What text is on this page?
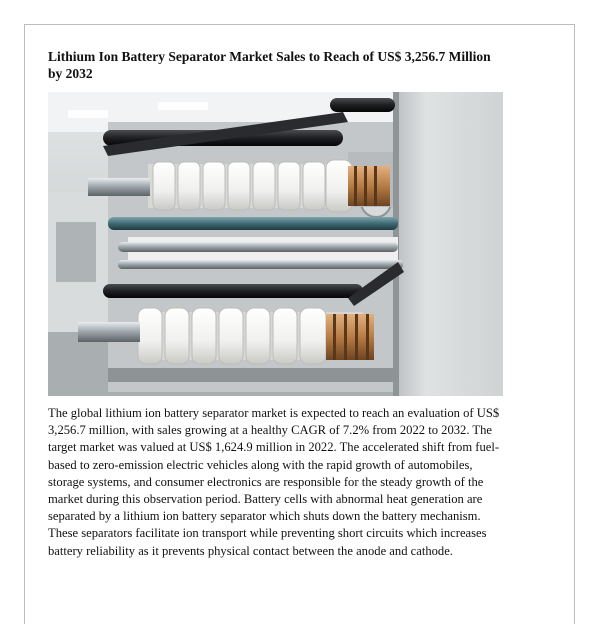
Lithium Ion Battery Separator Market Sales to Reach of US$ 3,256.7 Million by 2032

The global lithium ion battery separator market is expected to reach an evaluation of US$ 3,256.7 million, with sales growing at a healthy CAGR of 7.2% from 2022 to 2032. The target market was valued at US$ 1,624.9 million in 2022. The accelerated shift from fuel-based to zero-emission electric vehicles along with the rapid growth of automobiles, storage systems, and consumer electronics are responsible for the steady growth of the market during this observation period. Battery cells with abnormal heat generation are separated by a lithium ion battery separator which shuts down the battery mechanism. These separators facilitate ion transport while preventing short circuits which increases battery reliability as it prevents physical contact between the anode and cathode.
